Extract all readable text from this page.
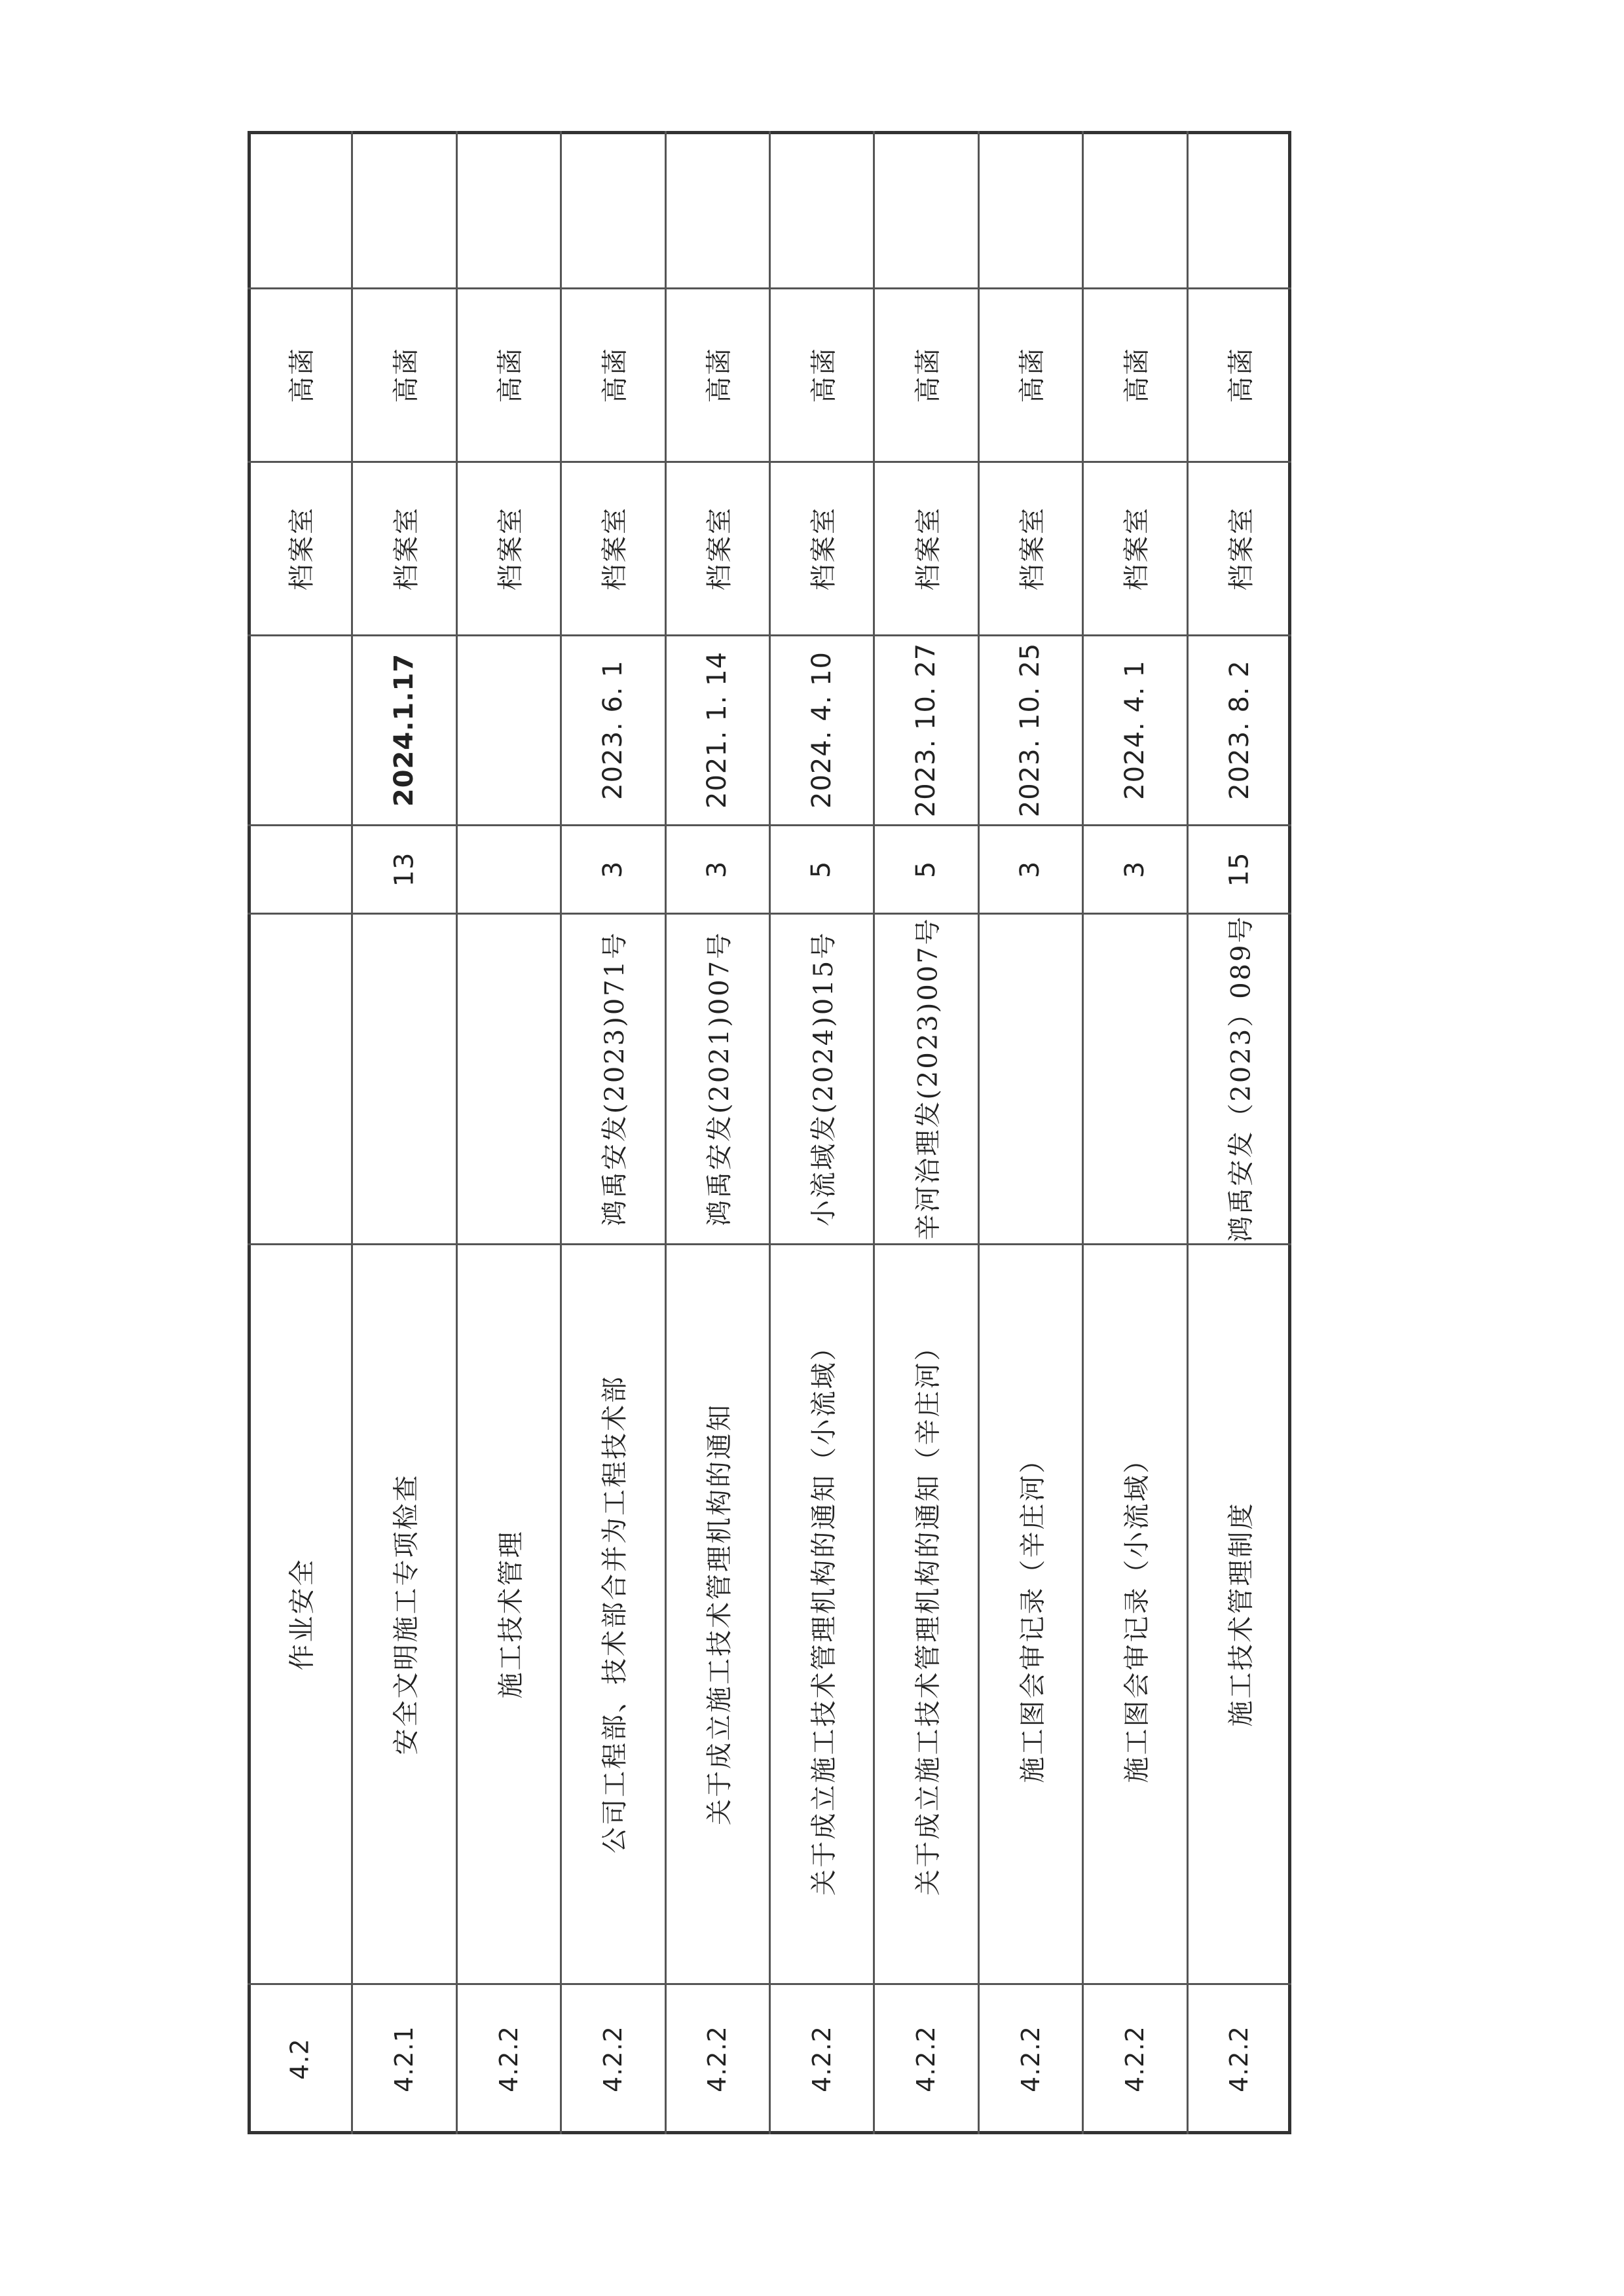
高菡
档案室
作业安全
4.2
高菡
档案室
2024.1.17
13
安全文明施工专项检查
4.2.1
高菡
档案室
施工技术管理
4.2.2
高菡
档案室
2023. 6. 1
3
鸿禹安发(2023)071号
公司工程部、技术部合并为工程技术部
4.2.2
高菡
档案室
2021. 1. 14
3
鸿禹安发(2021)007号
关于成立施工技术管理机构的通知
4.2.2
高菡
档案室
2024. 4. 10
5
小流域发(2024)015号
关于成立施工技术管理机构的通知（小流域）
4.2.2
高菡
档案室
2023. 10. 27
5
辛河治理发(2023)007号
关于成立施工技术管理机构的通知（辛庄河）
4.2.2
高菡
档案室
2023. 10. 25
3
施工图会审记录（辛庄河）
4.2.2
高菡
档案室
2024. 4. 1
3
施工图会审记录（小流域）
4.2.2
高菡
档案室
2023. 8. 2
15
鸿禹安发（2023）089号
施工技术管理制度
4.2.2
